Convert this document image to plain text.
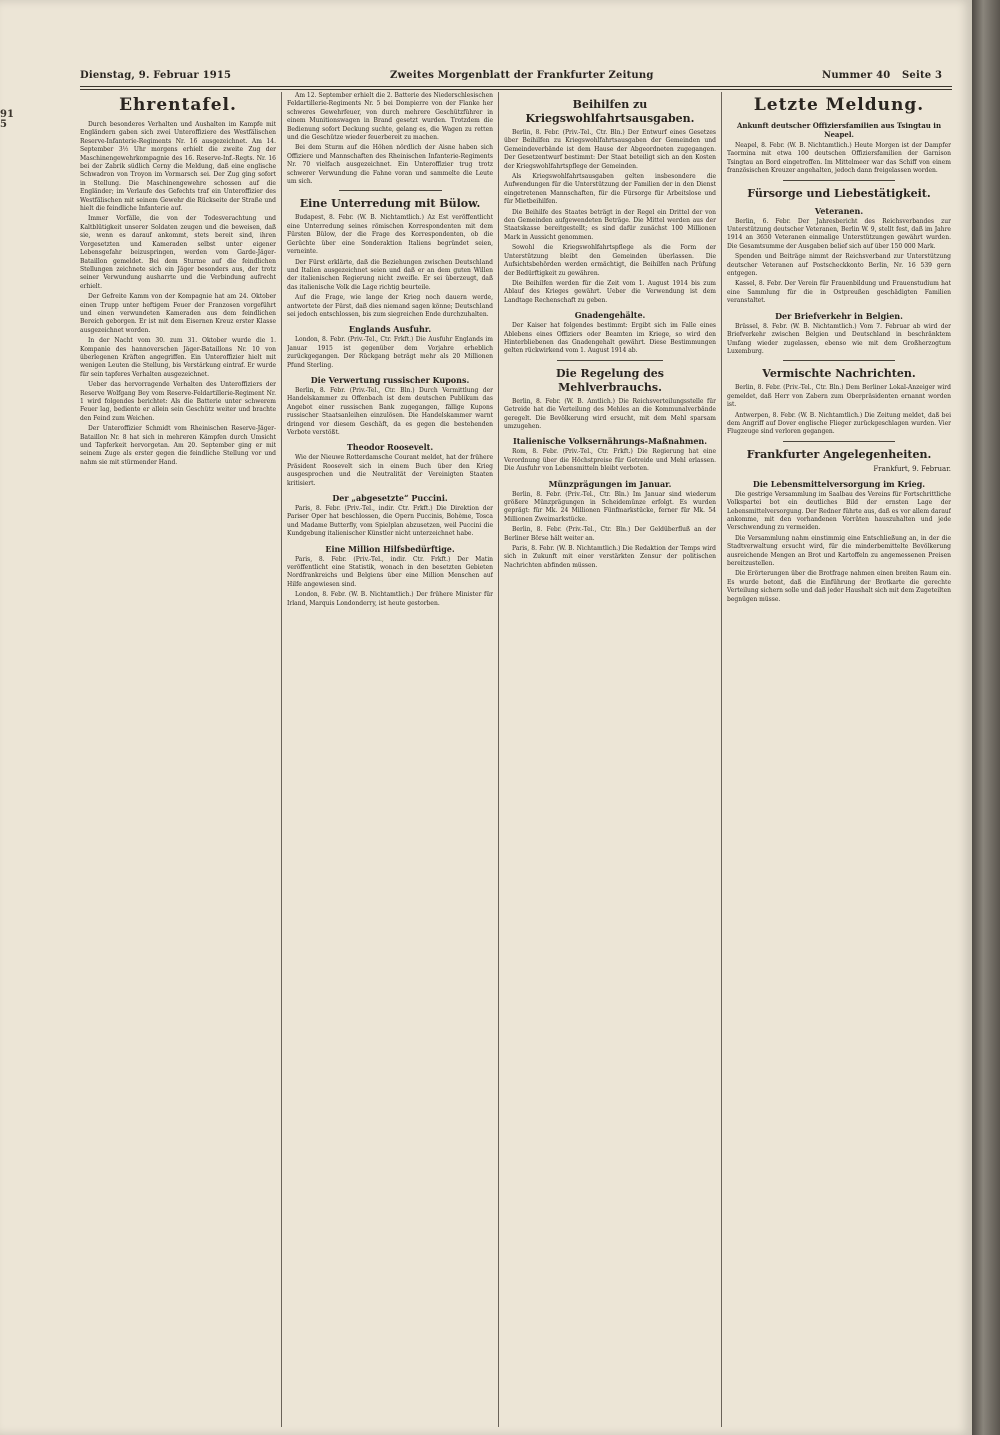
915
Dienstag, 9. Februar 1915	Zweites Morgenblatt der Frankfurter Zeitung	Nummer 40 Seite 3
Ehrentafel.

Durch besonderes Verhalten und Aushalten im Kampfe mit Engländern gaben sich zwei Unteroffiziere des Westfälischen Reserve-Infanterie-Regiments Nr. 16 ausgezeichnet. Am 14. September 3½ Uhr morgens erhielt die zweite Zug der Maschinengewehrkompagnie des 16. Reserve-Inf.-Regts. Nr. 16 bei der Zabrik südlich Cerny die Meldung, daß eine englische Schwadron von Troyon im Vormarsch sei. Der Zug ging sofort in Stellung. Die Maschinengewehre schossen auf die Engländer; im Verlaufe des Gefechts traf ein Unteroffizier des Westfälischen mit seinem Gewehr die Rückseite der Straße und hielt die feindliche Infanterie auf.

Immer Vorfälle, die von der Todesverachtung und Kaltblütigkeit unserer Soldaten zeugen und die beweisen, daß sie, wenn es darauf ankommt, stets bereit sind, ihren Vorgesetzten und Kameraden selbst unter eigener Lebensgefahr beizuspringen, werden vom Garde-Jäger-Bataillon gemeldet. Bei dem Sturme auf die feindlichen Stellungen zeichnete sich ein Jäger besonders aus, der trotz seiner Verwundung ausharrte und die Verbindung aufrecht erhielt.

Der Gefreite Kamm von der Kompagnie hat am 24. Oktober einen Trupp unter heftigem Feuer der Franzosen vorgeführt und einen verwundeten Kameraden aus dem feindlichen Bereich geborgen. Er ist mit dem Eisernen Kreuz erster Klasse ausgezeichnet worden.

In der Nacht vom 30. zum 31. Oktober wurde die 1. Kompanie des hannoverschen Jäger-Bataillons Nr. 10 von überlegenen Kräften angegriffen. Ein Unteroffizier hielt mit wenigen Leuten die Stellung, bis Verstärkung eintraf. Er wurde für sein tapferes Verhalten ausgezeichnet.

Ueber das hervorragende Verhalten des Unteroffiziers der Reserve Wolfgang Bey vom Reserve-Feldartillerie-Regiment Nr. 1 wird folgendes berichtet: Als die Batterie unter schwerem Feuer lag, bediente er allein sein Geschütz weiter und brachte den Feind zum Weichen.

Der Unteroffizier Schmidt vom Rheinischen Reserve-Jäger-Bataillon Nr. 8 hat sich in mehreren Kämpfen durch Umsicht und Tapferkeit hervorgetan. Am 20. September ging er mit seinem Zuge als erster gegen die feindliche Stellung vor und nahm sie mit stürmender Hand.

Am 12. September erhielt die 2. Batterie des Niederschlesischen Feldartillerie-Regiments Nr. 5 bei Dompierre von der Flanke her schweres Gewehrfeuer, von durch mehrere Geschützführer in einem Munitionswagen in Brand gesetzt wurden. Trotzdem die Bedienung sofort Deckung suchte, gelang es, die Wagen zu retten und die Geschütze wieder feuerbereit zu machen.

Bei dem Sturm auf die Höhen nördlich der Aisne haben sich Offiziere und Mannschaften des Rheinischen Infanterie-Regiments Nr. 70 vielfach ausgezeichnet. Ein Unteroffizier trug trotz schwerer Verwundung die Fahne voran und sammelte die Leute um sich.

Eine Unterredung mit Bülow.

Budapest, 8. Febr. (W. B. Nichtamtlich.) Az Est veröffentlicht eine Unterredung seines römischen Korrespondenten mit dem Fürsten Bülow, der die Frage des Korrespondenten, ob die Gerüchte über eine Sonderaktion Italiens begründet seien, verneinte.

Der Fürst erklärte, daß die Beziehungen zwischen Deutschland und Italien ausgezeichnet seien und daß er an dem guten Willen der italienischen Regierung nicht zweifle. Er sei überzeugt, daß das italienische Volk die Lage richtig beurteile.

Auf die Frage, wie lange der Krieg noch dauern werde, antwortete der Fürst, daß dies niemand sagen könne; Deutschland sei jedoch entschlossen, bis zum siegreichen Ende durchzuhalten.

Englands Ausfuhr.

London, 8. Febr. (Priv.-Tel., Ctr. Frkft.) Die Ausfuhr Englands im Januar 1915 ist gegenüber dem Vorjahre erheblich zurückgegangen. Der Rückgang beträgt mehr als 20 Millionen Pfund Sterling.

Die Verwertung russischer Kupons.

Berlin, 8. Febr. (Priv.-Tel., Ctr. Bln.) Durch Vermittlung der Handelskammer zu Offenbach ist dem deutschen Publikum das Angebot einer russischen Bank zugegangen, fällige Kupons russischer Staatsanleihen einzulösen. Die Handelskammer warnt dringend vor diesem Geschäft, da es gegen die bestehenden Verbote verstößt.

Theodor Roosevelt.

Wie der Nieuwe Rotterdamsche Courant meldet, hat der frühere Präsident Roosevelt sich in einem Buch über den Krieg ausgesprochen und die Neutralität der Vereinigten Staaten kritisiert.

Der „abgesetzte“ Puccini.

Paris, 8. Febr. (Priv.-Tel., indir. Ctr. Frkft.) Die Direktion der Pariser Oper hat beschlossen, die Opern Puccinis, Bohème, Tosca und Madame Butterfly, vom Spielplan abzusetzen, weil Puccini die Kundgebung italienischer Künstler nicht unterzeichnet habe.

Eine Million Hilfsbedürftige.

Paris, 8. Febr. (Priv.-Tel., indir. Ctr. Frkft.) Der Matin veröffentlicht eine Statistik, wonach in den besetzten Gebieten Nordfrankreichs und Belgiens über eine Million Menschen auf Hilfe angewiesen sind.

London, 8. Febr. (W. B. Nichtamtlich.) Der frühere Minister für Irland, Marquis Londonderry, ist heute gestorben.

Beihilfen zu Kriegswohlfahrtsausgaben.

Berlin, 8. Febr. (Priv.-Tel., Ctr. Bln.) Der Entwurf eines Gesetzes über Beihilfen zu Kriegswohlfahrtsausgaben der Gemeinden und Gemeindeverbände ist dem Hause der Abgeordneten zugegangen. Der Gesetzentwurf bestimmt: Der Staat beteiligt sich an den Kosten der Kriegswohlfahrtspflege der Gemeinden.

Als Kriegswohlfahrtsausgaben gelten insbesondere die Aufwendungen für die Unterstützung der Familien der in den Dienst eingetretenen Mannschaften, für die Fürsorge für Arbeitslose und für Mietbeihilfen.

Die Beihilfe des Staates beträgt in der Regel ein Drittel der von den Gemeinden aufgewendeten Beträge. Die Mittel werden aus der Staatskasse bereitgestellt; es sind dafür zunächst 100 Millionen Mark in Aussicht genommen.

Sowohl die Kriegswohlfahrtspflege als die Form der Unterstützung bleibt den Gemeinden überlassen. Die Aufsichtsbehörden werden ermächtigt, die Beihilfen nach Prüfung der Bedürftigkeit zu gewähren.

Die Beihilfen werden für die Zeit vom 1. August 1914 bis zum Ablauf des Krieges gewährt. Ueber die Verwendung ist dem Landtage Rechenschaft zu geben.

Gnadengehälte.

Der Kaiser hat folgendes bestimmt: Ergibt sich im Falle eines Ablebens eines Offiziers oder Beamten im Kriege, so wird den Hinterbliebenen das Gnadengehalt gewährt. Diese Bestimmungen gelten rückwirkend vom 1. August 1914 ab.

Die Regelung des Mehlverbrauchs.

Berlin, 8. Febr. (W. B. Amtlich.) Die Reichsverteilungsstelle für Getreide hat die Verteilung des Mehles an die Kommunalverbände geregelt. Die Bevölkerung wird ersucht, mit dem Mehl sparsam umzugehen.

Italienische Volksernährungs-Maßnahmen.

Rom, 8. Febr. (Priv.-Tel., Ctr. Frkft.) Die Regierung hat eine Verordnung über die Höchstpreise für Getreide und Mehl erlassen. Die Ausfuhr von Lebensmitteln bleibt verboten.

Münzprägungen im Januar.

Berlin, 8. Febr. (Priv.-Tel., Ctr. Bln.) Im Januar sind wiederum größere Münzprägungen in Scheidemünze erfolgt. Es wurden geprägt: für Mk. 24 Millionen Fünfmarkstücke, ferner für Mk. 54 Millionen Zweimarkstücke.

Berlin, 8. Febr. (Priv.-Tel., Ctr. Bln.) Der Geldüberfluß an der Berliner Börse hält weiter an.

Paris, 8. Febr. (W. B. Nichtamtlich.) Die Redaktion der Temps wird sich in Zukunft mit einer verstärkten Zensur der politischen Nachrichten abfinden müssen.

Letzte Meldung.
Ankunft deutscher Offiziersfamilien aus Tsingtau in Neapel.

Neapel, 8. Febr. (W. B. Nichtamtlich.) Heute Morgen ist der Dampfer Taormina mit etwa 100 deutschen Offiziersfamilien der Garnison Tsingtau an Bord eingetroffen. Im Mittelmeer war das Schiff von einem französischen Kreuzer angehalten, jedoch dann freigelassen worden.

Fürsorge und Liebestätigkeit.
Veteranen.

Berlin, 6. Febr. Der Jahresbericht des Reichsverbandes zur Unterstützung deutscher Veteranen, Berlin W. 9, stellt fest, daß im Jahre 1914 an 3650 Veteranen einmalige Unterstützungen gewährt wurden. Die Gesamtsumme der Ausgaben belief sich auf über 150 000 Mark.

Spenden und Beiträge nimmt der Reichsverband zur Unterstützung deutscher Veteranen auf Postscheckkonto Berlin, Nr. 16 539 gern entgegen.

Kassel, 8. Febr. Der Verein für Frauenbildung und Frauenstudium hat eine Sammlung für die in Ostpreußen geschädigten Familien veranstaltet.

Der Briefverkehr in Belgien.

Brüssel, 8. Febr. (W. B. Nichtamtlich.) Vom 7. Februar ab wird der Briefverkehr zwischen Belgien und Deutschland in beschränktem Umfang wieder zugelassen, ebenso wie mit dem Großherzogtum Luxemburg.

Vermischte Nachrichten.

Berlin, 8. Febr. (Priv.-Tel., Ctr. Bln.) Dem Berliner Lokal-Anzeiger wird gemeldet, daß Herr von Zabern zum Oberpräsidenten ernannt worden ist.

Antwerpen, 8. Febr. (W. B. Nichtamtlich.) Die Zeitung meldet, daß bei dem Angriff auf Dover englische Flieger zurückgeschlagen wurden. Vier Flugzeuge sind verloren gegangen.

Frankfurter Angelegenheiten.
Frankfurt, 9. Februar.
Die Lebensmittelversorgung im Krieg.

Die gestrige Versammlung im Saalbau des Vereins für Fortschrittliche Volkspartei bot ein deutliches Bild der ernsten Lage der Lebensmittelversorgung. Der Redner führte aus, daß es vor allem darauf ankomme, mit den vorhandenen Vorräten hauszuhalten und jede Verschwendung zu vermeiden.

Die Versammlung nahm einstimmig eine Entschließung an, in der die Stadtverwaltung ersucht wird, für die minderbemittelte Bevölkerung ausreichende Mengen an Brot und Kartoffeln zu angemessenen Preisen bereitzustellen.

Die Erörterungen über die Brotfrage nahmen einen breiten Raum ein. Es wurde betont, daß die Einführung der Brotkarte die gerechte Verteilung sichern solle und daß jeder Haushalt sich mit dem Zugeteilten begnügen müsse.
